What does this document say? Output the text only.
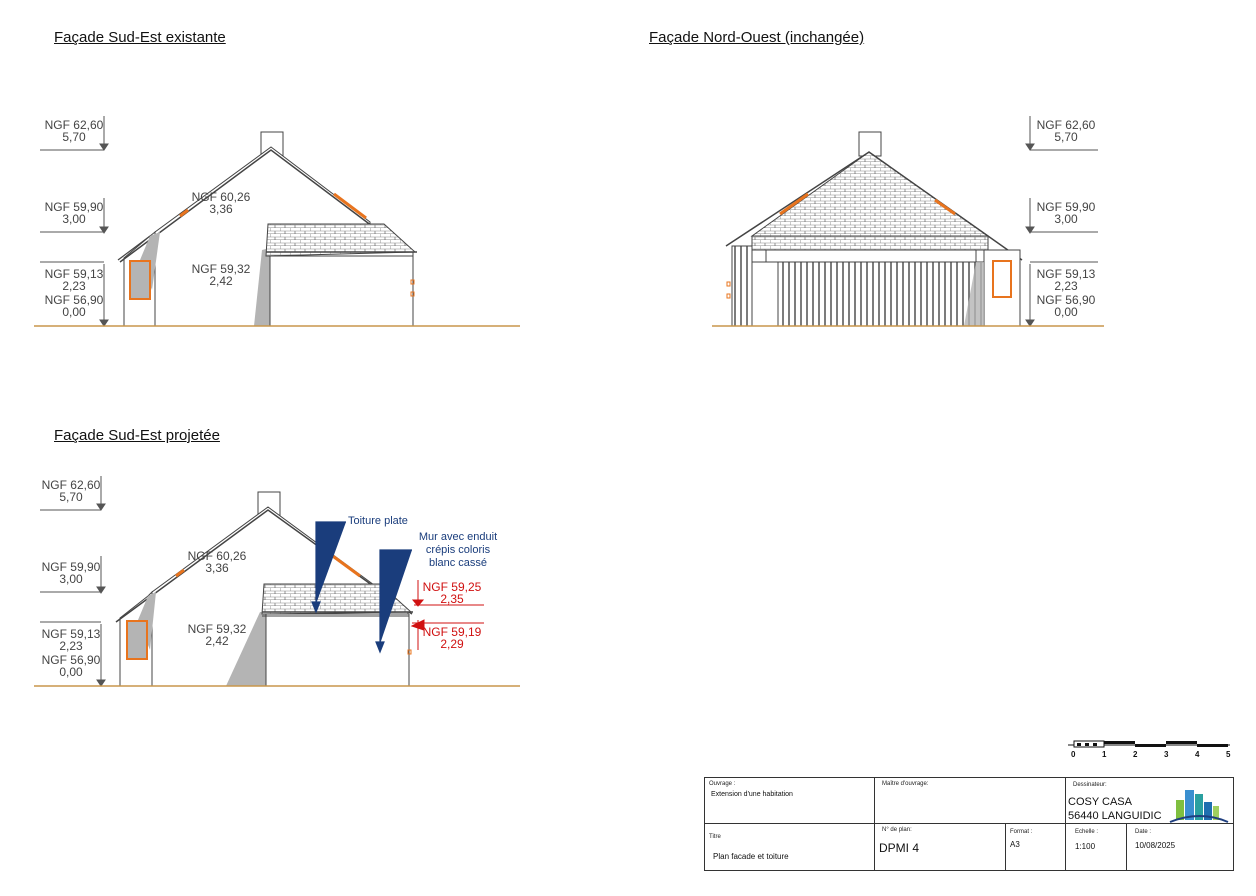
Façade Sud-Est existante	Façade Nord-Ouest (inchangée)
Façade Sud-Est projetée
NGF 62,60
5,70
NGF 59,90
3,00
NGF 59,13
2,23
NGF 56,90
0,00
NGF 60,26
3,36
NGF 59,32
2,42
NGF 62,60
5,70
NGF 59,90
3,00
NGF 59,13
2,23
NGF 56,90
0,00
NGF 62,60
5,70
NGF 59,90
3,00
NGF 59,13
2,23
NGF 56,90
0,00
NGF 60,26
3,36
NGF 59,32
2,42
NGF 59,25
2,35
NGF 59,19
2,29
Toiture plate
Mur avec enduit
crépis coloris
blanc cassé
0	1	2	3	4	5
Ouvrage :
Extension d'une habitation
Maître d'ouvrage:	Dessinateur:
COSY CASA
56440 LANGUIDIC
Titre
Plan facade et toiture
N° de plan:
DPMI 4
Format :
A3
Echelle :
1:100
Date :
10/08/2025
